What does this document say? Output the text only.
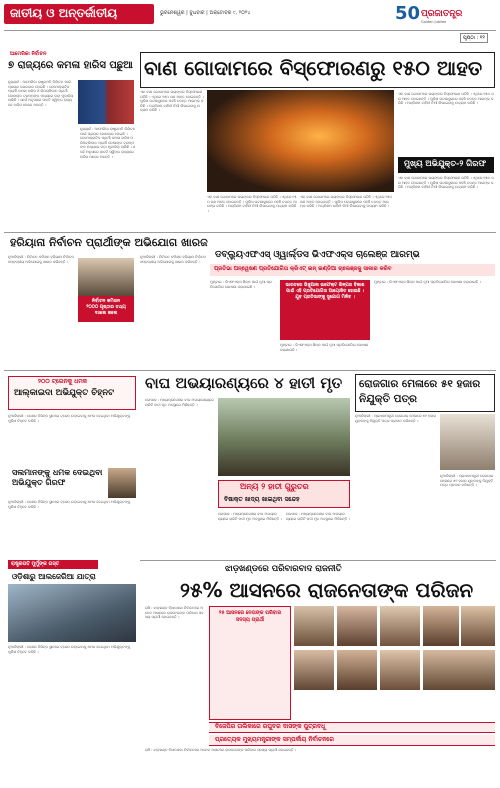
ଜାତୀୟ ଓ ଅନ୍ତର୍ଜାତୀୟ	ଭୁବନେଶ୍ୱର | ବୁଧବାର | ଅକ୍ଟୋବର ୯, ୨୦୨୪	50 ପ୍ରଜାତନ୍ତ୍ର
Golden Jubilee
ପୃଷ୍ଠା : ୧୧
ଆମେରିକା ନିର୍ବାଚନ
୭ ରାଜ୍ୟରେ କମଳା ହାରିସ ପଛୁଆ
ନ୍ୟୁୟର୍କ : ଆମେରିକା ରାଷ୍ଟ୍ରପତି ନିର୍ବାଚନ ପାଇଁ ପ୍ରଚାର ଜୋରଦାର ହୋଇଛି । ଡେମୋକ୍ରାଟିକ ପ୍ରାର୍ଥୀ କମଳା ହାରିସ ଓ ରିପବ୍ଲିକାନ ପ୍ରାର୍ଥୀ ଡୋନାଲ୍ଡ ଟ୍ରମ୍ପଙ୍କ ମଧ୍ୟରେ କଡ଼ା ମୁକାବିଲା ଚାଲିଛି । ସର୍ଭେ ଅନୁସାରେ ସାତଟି ସ୍ୱିଙ୍ଗ ରାଜ୍ୟରେ ହାରିସ ପଛରେ ଅଛନ୍ତି ।
ନ୍ୟୁୟର୍କ : ଆମେରିକା ରାଷ୍ଟ୍ରପତି ନିର୍ବାଚନ ପାଇଁ ପ୍ରଚାର ଜୋରଦାର ହୋଇଛି । ଡେମୋକ୍ରାଟିକ ପ୍ରାର୍ଥୀ କମଳା ହାରିସ ଓ ରିପବ୍ଲିକାନ ପ୍ରାର୍ଥୀ ଡୋନାଲ୍ଡ ଟ୍ରମ୍ପଙ୍କ ମଧ୍ୟରେ କଡ଼ା ମୁକାବିଲା ଚାଲିଛି । ସର୍ଭେ ଅନୁସାରେ ସାତଟି ସ୍ୱିଙ୍ଗ ରାଜ୍ୟରେ ହାରିସ ପଛରେ ଅଛନ୍ତି ।
ବାଣ ଗୋଦାମରେ ବିସ୍ଫୋରଣରୁ ୧୫୦ ଆହତ
ଏକ ବାଣ ଗୋଦାମରେ ଭୟଙ୍କର ବିସ୍ଫୋରଣ ଘଟିଛି । ଏଥିରେ ୧୫୦ ଜଣ ଆହତ ହୋଇଛନ୍ତି । ପୁଲିସ ଘଟଣାସ୍ଥଳରେ ପହଞ୍ଚି ତଦନ୍ତ ଆରମ୍ଭ କରିଛି । ଅଗ୍ନିଶମ ବାହିନୀ ନିଆଁ ଲିଭାଇବାକୁ ଉଦ୍ୟମ କରିଛି ।
ଏକ ବାଣ ଗୋଦାମରେ ଭୟଙ୍କର ବିସ୍ଫୋରଣ ଘଟିଛି । ଏଥିରେ ୧୫୦ ଜଣ ଆହତ ହୋଇଛନ୍ତି । ପୁଲିସ ଘଟଣାସ୍ଥଳରେ ପହଞ୍ଚି ତଦନ୍ତ ଆରମ୍ଭ କରିଛି । ଅଗ୍ନିଶମ ବାହିନୀ ନିଆଁ ଲିଭାଇବାକୁ ଉଦ୍ୟମ କରିଛି ।
ଏକ ବାଣ ଗୋଦାମରେ ଭୟଙ୍କର ବିସ୍ଫୋରଣ ଘଟିଛି । ଏଥିରେ ୧୫୦ ଜଣ ଆହତ ହୋଇଛନ୍ତି । ପୁଲିସ ଘଟଣାସ୍ଥଳରେ ପହଞ୍ଚି ତଦନ୍ତ ଆରମ୍ଭ କରିଛି । ଅଗ୍ନିଶମ ବାହିନୀ ନିଆଁ ଲିଭାଇବାକୁ ଉଦ୍ୟମ କରିଛି ।
ଏକ ବାଣ ଗୋଦାମରେ ଭୟଙ୍କର ବିସ୍ଫୋରଣ ଘଟିଛି । ଏଥିରେ ୧୫୦ ଜଣ ଆହତ ହୋଇଛନ୍ତି । ପୁଲିସ ଘଟଣାସ୍ଥଳରେ ପହଞ୍ଚି ତଦନ୍ତ ଆରମ୍ଭ କରିଛି । ଅଗ୍ନିଶମ ବାହିନୀ ନିଆଁ ଲିଭାଇବାକୁ ଉଦ୍ୟମ କରିଛି ।
ମୁଖ୍ୟ ଅଭିଯୁକ୍ତ-୨ ଗିରଫ
ଏକ ବାଣ ଗୋଦାମରେ ଭୟଙ୍କର ବିସ୍ଫୋରଣ ଘଟିଛି । ଏଥିରେ ୧୫୦ ଜଣ ଆହତ ହୋଇଛନ୍ତି । ପୁଲିସ ଘଟଣାସ୍ଥଳରେ ପହଞ୍ଚି ତଦନ୍ତ ଆରମ୍ଭ କରିଛି । ଅଗ୍ନିଶମ ବାହିନୀ ନିଆଁ ଲିଭାଇବାକୁ ଉଦ୍ୟମ କରିଛି ।
ହରିୟାନା ନିର୍ବାଚନ ପ୍ରାର୍ଥୀଙ୍କ ଅଭିଯୋଗ ଖାରଜ
ନିର୍ବାଚନ କମିଶନ
୨୦୦୦ ପୃଷ୍ଠାର ତଥ୍ୟ
ଦାଖଲ କଲେ
ନୂଆଦିଲ୍ଲୀ : ନିର୍ବାଚନ କମିଶନ ହରିୟାନା ନିର୍ବାଚନ ସମ୍ବନ୍ଧୀୟ ଅଭିଯୋଗକୁ ଖାରଜ କରିଛନ୍ତି ।
ନୂଆଦିଲ୍ଲୀ : ନିର୍ବାଚନ କମିଶନ ହରିୟାନା ନିର୍ବାଚନ ସମ୍ବନ୍ଧୀୟ ଅଭିଯୋଗକୁ ଖାରଜ କରିଛନ୍ତି ।
ଡବ୍ଲ୍ୟୁଏଫଏସ୍ ଓ୍ୱାର୍ଲ୍ଡସ ଭିଏଫଏକ୍ସ ଚାଲେଞ୍ଜ ଆରମ୍ଭ
ପ୍ରତିଭା ଅନ୍ୱେଷଣ ପ୍ରତିଯୋଗିତା କ୍ରିଏଟ୍ ଇନ୍ ଇଣ୍ଡିଆ ଚାଲେଞ୍ଜକୁ ସାକାର କରିବ
ମୁମ୍ବାଇ : ଭିଏଫଏକ୍ସ ଶିଳ୍ପ ପାଇଁ ନୂଆ ପ୍ରତିଯୋଗିତା ଘୋଷଣା କରାଯାଇଛି ।	ଭାରତରେ ଭିଜୁଆଲ ଇଫେକ୍ଟ ଶିଳ୍ପର ବିକାଶ ପାଇଁ ଏହି ପ୍ରତିଯୋଗିତା ଆୟୋଜିତ ହୋଇଛି । ଯୁବ ପ୍ରତିଭାଙ୍କୁ ସୁଯୋଗ ମିଳିବ ।
ମୁମ୍ବାଇ : ଭିଏଫଏକ୍ସ ଶିଳ୍ପ ପାଇଁ ନୂଆ ପ୍ରତିଯୋଗିତା ଘୋଷଣା କରାଯାଇଛି ।
ମୁମ୍ବାଇ : ଭିଏଫଏକ୍ସ ଶିଳ୍ପ ପାଇଁ ନୂଆ ପ୍ରତିଯୋଗିତା ଘୋଷଣା କରାଯାଇଛି ।
୨୦୦ ଟ୍ରେନକୁ ଧମକ
ଆଲ୍‌କାଇଦା ଅଭିଯୁକ୍ତ ଚିହ୍ନଟ
ନୂଆଦିଲ୍ଲୀ : ଦେଶର ବିଭିନ୍ନ ସ୍ଥାନରେ ଟ୍ରେନ ଉଡ଼ାଇବାକୁ ଧମକ ଦେଇଥିବା ଅଭିଯୁକ୍ତଙ୍କୁ ପୁଲିସ ଚିହ୍ନଟ କରିଛି ।
ସଲମାନଙ୍କୁ ଧମକ ଦେଇଥିବା ଅଭିଯୁକ୍ତ ଗିରଫ
ନୂଆଦିଲ୍ଲୀ : ଦେଶର ବିଭିନ୍ନ ସ୍ଥାନରେ ଟ୍ରେନ ଉଡ଼ାଇବାକୁ ଧମକ ଦେଇଥିବା ଅଭିଯୁକ୍ତଙ୍କୁ ପୁଲିସ ଚିହ୍ନଟ କରିଛି ।
ରାଷ୍ଟ୍ରପତି ମୁର୍ମୁଙ୍କ ଗସ୍ତ
ଓଡ଼ିଶାରୁ ଆଲଜେରିଆ ଯାତ୍ରା
ନୂଆଦିଲ୍ଲୀ : ଦେଶର ବିଭିନ୍ନ ସ୍ଥାନରେ ଟ୍ରେନ ଉଡ଼ାଇବାକୁ ଧମକ ଦେଇଥିବା ଅଭିଯୁକ୍ତଙ୍କୁ ପୁଲିସ ଚିହ୍ନଟ କରିଛି ।
ବାଘ ଅଭୟାରଣ୍ୟରେ ୪ ହାତୀ ମୃତ
ଭୋପାଳ : ମଧ୍ୟପ୍ରଦେଶର ବାଘ ଅଭୟାରଣ୍ୟରେ ଚାରିଟି ହାତୀ ମୃତ ଅବସ୍ଥାରେ ମିଳିଛନ୍ତି ।
ଅନ୍ୟ ୨ ହାତୀ ଗୁରୁତର
ବିଷାକ୍ତ ଖାଦ୍ୟ ଖାଇଥିବା ସନ୍ଦେହ
ଭୋପାଳ : ମଧ୍ୟପ୍ରଦେଶର ବାଘ ଅଭୟାରଣ୍ୟରେ ଚାରିଟି ହାତୀ ମୃତ ଅବସ୍ଥାରେ ମିଳିଛନ୍ତି ।
ଭୋପାଳ : ମଧ୍ୟପ୍ରଦେଶର ବାଘ ଅଭୟାରଣ୍ୟରେ ଚାରିଟି ହାତୀ ମୃତ ଅବସ୍ଥାରେ ମିଳିଛନ୍ତି ।
ରୋଜଗାର ମେଳାରେ ୫୧ ହଜାର ନିଯୁକ୍ତି ପତ୍ର
ନୂଆଦିଲ୍ଲୀ : ପ୍ରଧାନମନ୍ତ୍ରୀ ରୋଜଗାର ମେଳାରେ ୫୧ ହଜାର ଯୁବକଙ୍କୁ ନିଯୁକ୍ତି ପତ୍ର ପ୍ରଦାନ କରିଛନ୍ତି ।
ନୂଆଦିଲ୍ଲୀ : ପ୍ରଧାନମନ୍ତ୍ରୀ ରୋଜଗାର ମେଳାରେ ୫୧ ହଜାର ଯୁବକଙ୍କୁ ନିଯୁକ୍ତି ପତ୍ର ପ୍ରଦାନ କରିଛନ୍ତି ।
ଝାଡ଼ଖଣ୍ଡରେ ପରିବାରବାଦ ରାଜନୀତି
୨୫% ଆସନରେ ରାଜନେତାଙ୍କ ପରିଜନ
ରାଞ୍ଚି : ଝାଡ଼ଖଣ୍ଡ ବିଧାନସଭା ନିର୍ବାଚନରେ ଅନେକ ଆସନରେ ରାଜନେତାଙ୍କ ପରିବାର ସଦସ୍ୟ ପ୍ରାର୍ଥୀ ହୋଇଛନ୍ତି ।
୨୫ ଆସନରେ ନେତାଙ୍କ ପରିବାର ସଦସ୍ୟ ପ୍ରାର୍ଥୀ
ବିଜେପିର ତାଲିକାରେ ରଘୁବର ଦାସଙ୍କ ପୁତ୍ରବଧୂ
ପ୍ରତ୍ୟେକ ମୁଖ୍ୟମନ୍ତ୍ରୀଙ୍କ ସମ୍ପର୍କୀୟ ନିର୍ବାଚନରେ
ରାଞ୍ଚି : ଝାଡ଼ଖଣ୍ଡ ବିଧାନସଭା ନିର୍ବାଚନରେ ଅନେକ ଆସନରେ ରାଜନେତାଙ୍କ ପରିବାର ସଦସ୍ୟ ପ୍ରାର୍ଥୀ ହୋଇଛନ୍ତି ।
